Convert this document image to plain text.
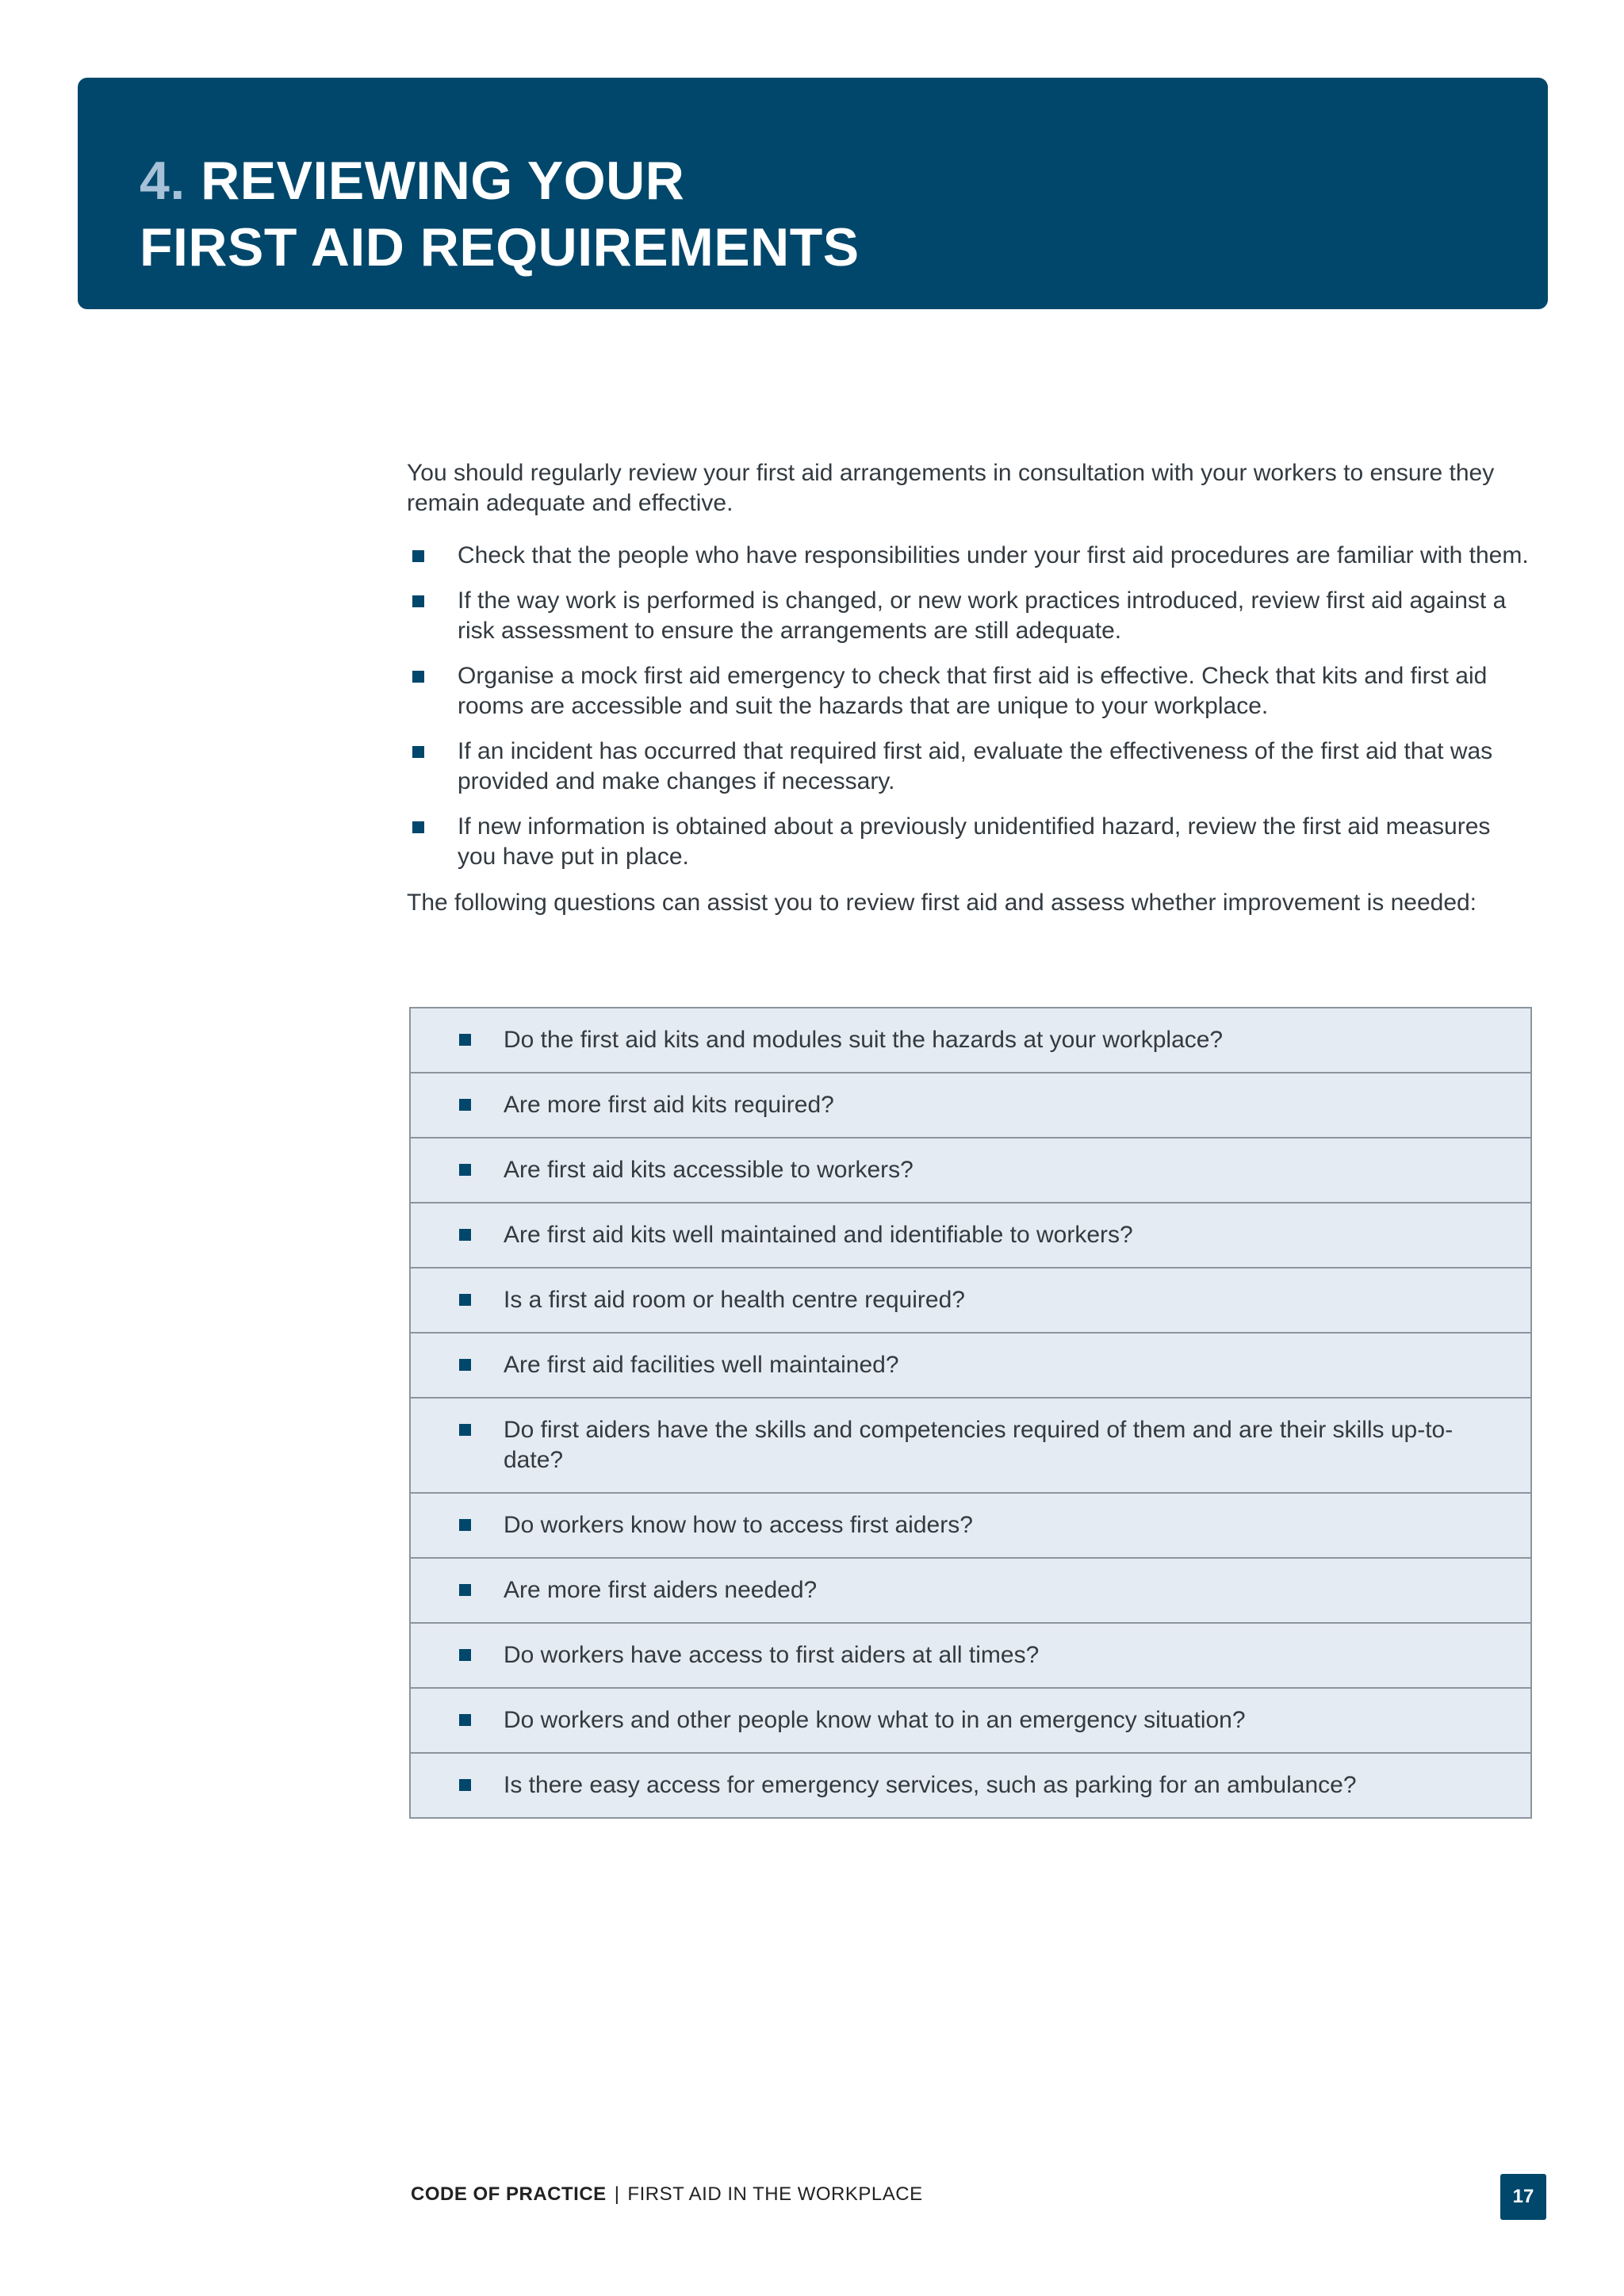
4. REVIEWING YOUR
FIRST AID REQUIREMENTS

You should regularly review your first aid arrangements in consultation with your workers to ensure they remain adequate and effective.

Check that the people who have responsibilities under your first aid procedures are familiar with them.
If the way work is performed is changed, or new work practices introduced, review first aid against a risk assessment to ensure the arrangements are still adequate.
Organise a mock first aid emergency to check that first aid is effective. Check that kits and first aid rooms are accessible and suit the hazards that are unique to your workplace.
If an incident has occurred that required first aid, evaluate the effectiveness of the first aid that was provided and make changes if necessary.
If new information is obtained about a previously unidentified hazard, review the first aid measures you have put in place.

The following questions can assist you to review first aid and assess whether improvement is needed:

Do the first aid kits and modules suit the hazards at your workplace?
Are more first aid kits required?
Are first aid kits accessible to workers?
Are first aid kits well maintained and identifiable to workers?
Is a first aid room or health centre required?
Are first aid facilities well maintained?
Do first aiders have the skills and competencies required of them and are their skills up-to-date?
Do workers know how to access first aiders?
Are more first aiders needed?
Do workers have access to first aiders at all times?
Do workers and other people know what to in an emergency situation?
Is there easy access for emergency services, such as parking for an ambulance?
CODE OF PRACTICE | FIRST AID IN THE WORKPLACE	17
